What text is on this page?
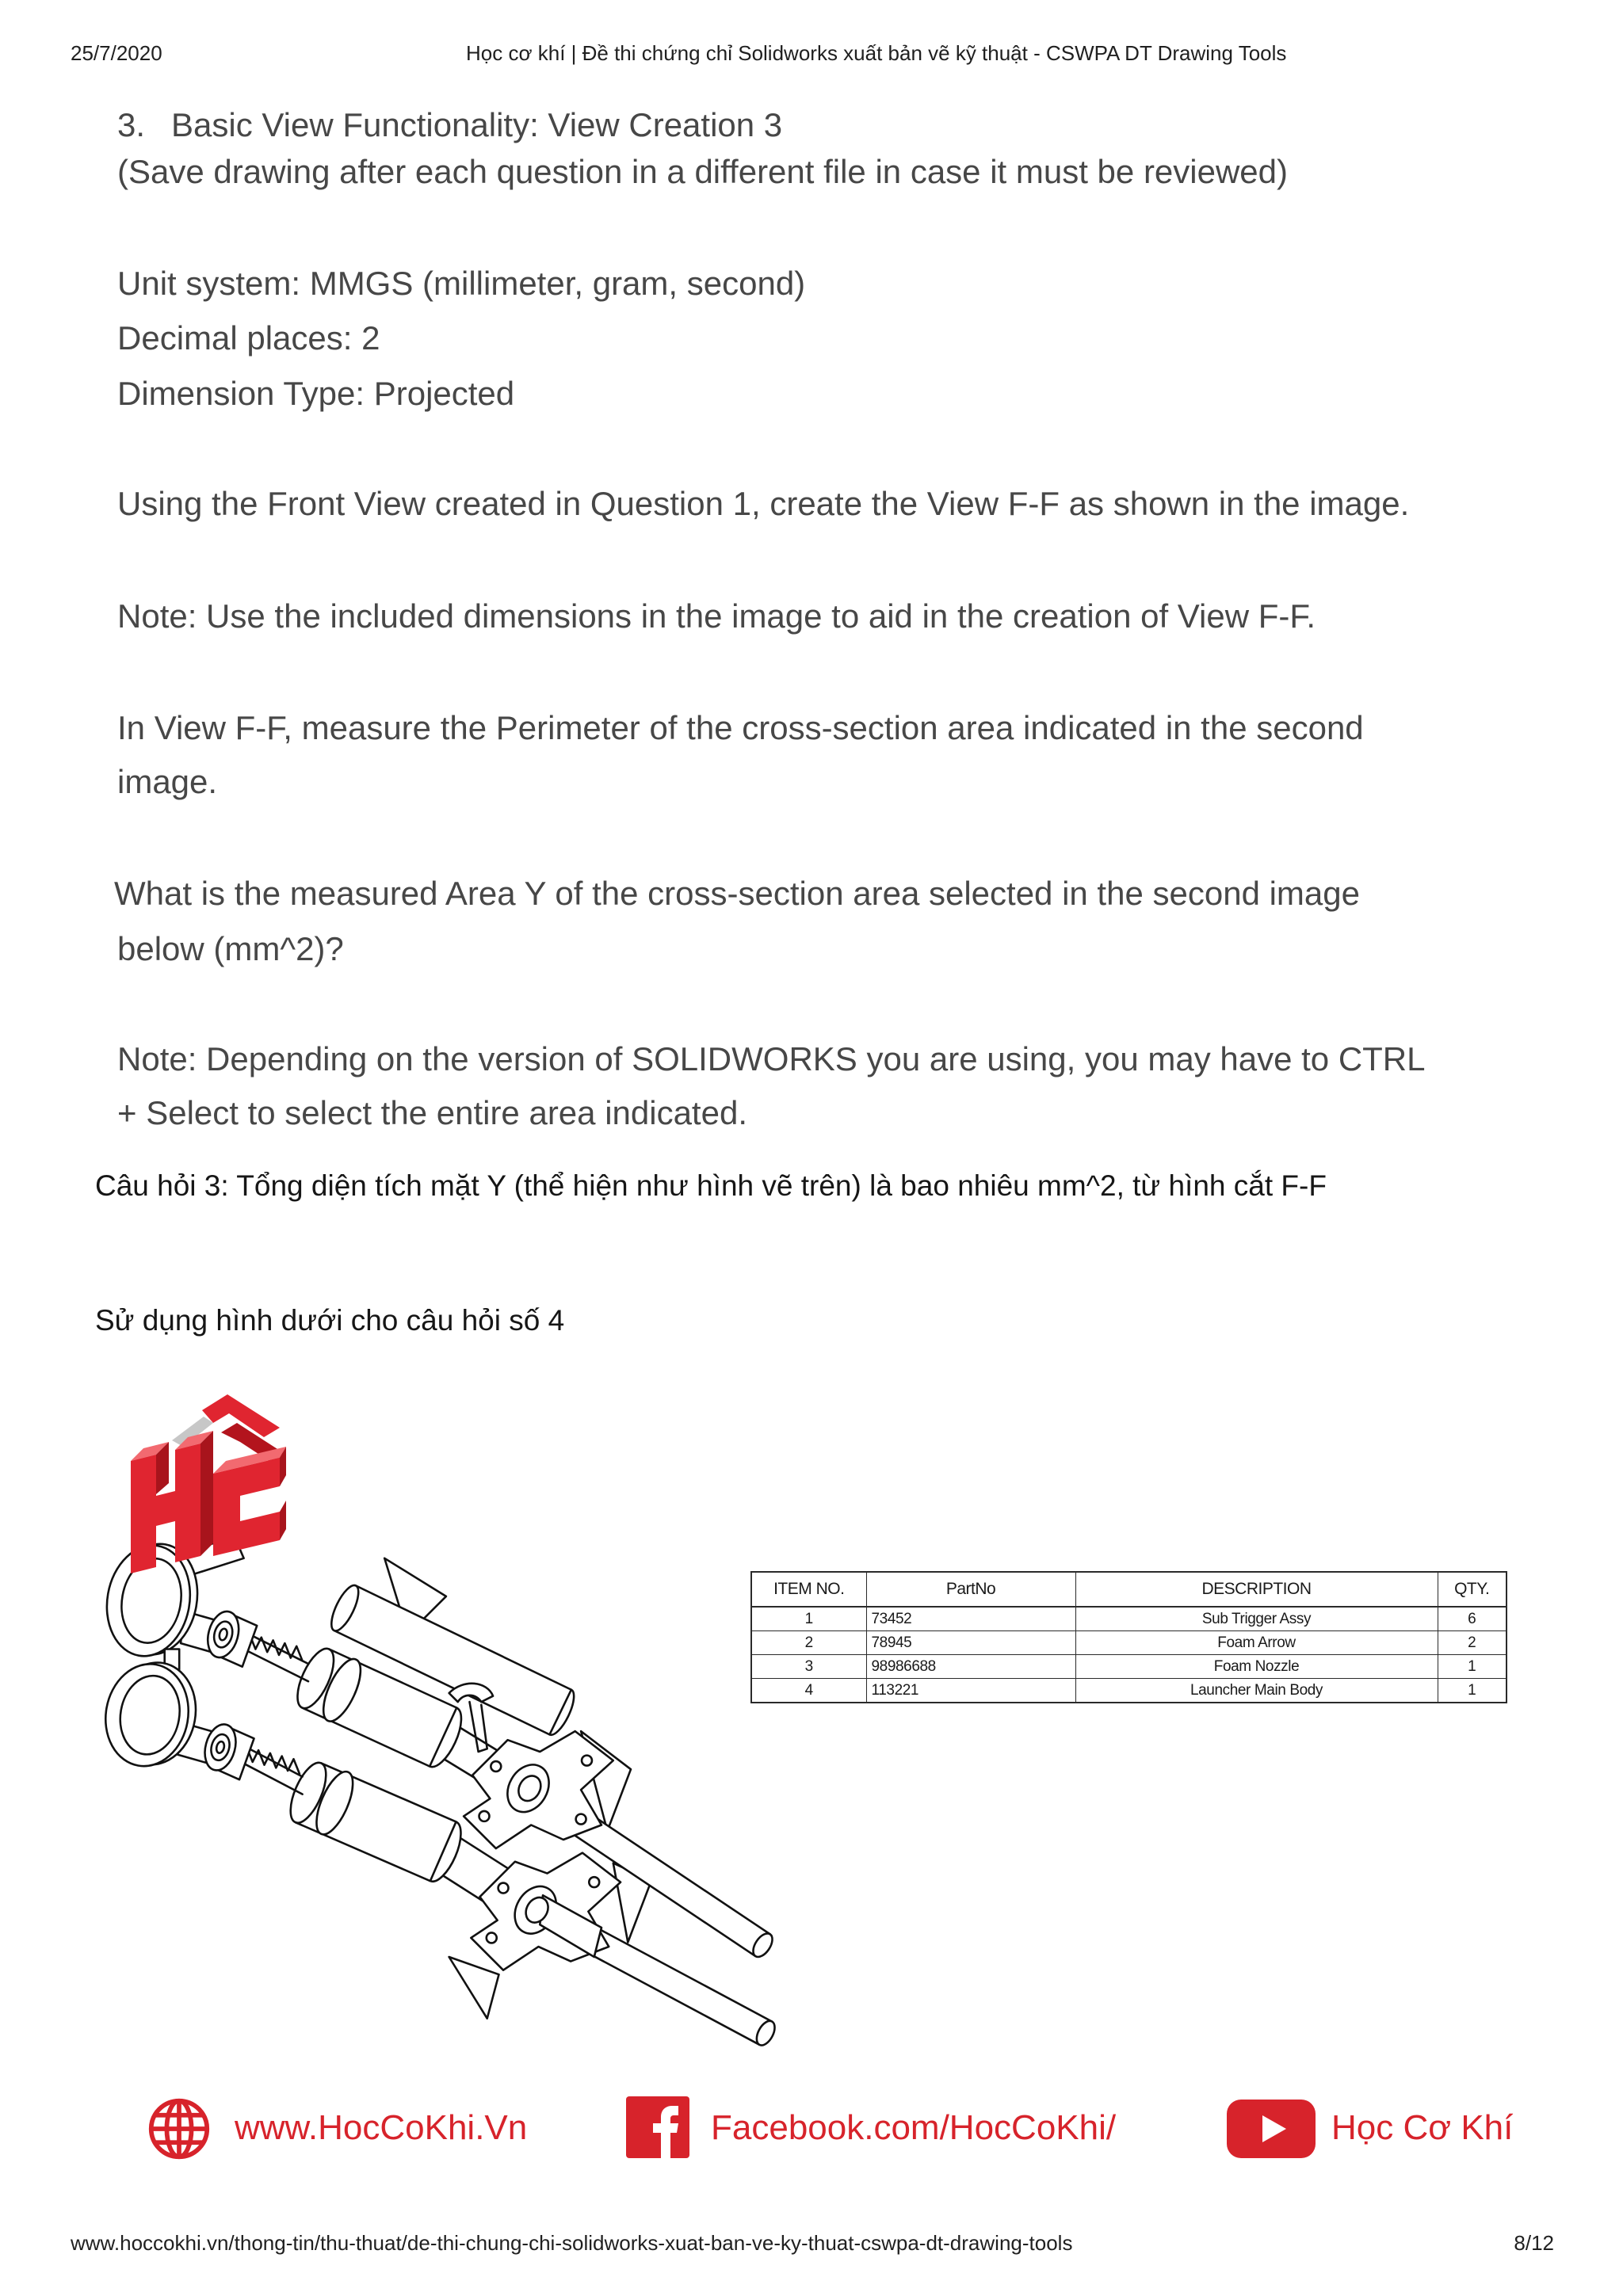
25/7/2020	Học cơ khí | Đề thi chứng chỉ Solidworks xuất bản vẽ kỹ thuật - CSWPA DT Drawing Tools
3. Basic View Functionality: View Creation 3
(Save drawing after each question in a different file in case it must be reviewed)
Unit system: MMGS (millimeter, gram, second)
Decimal places: 2
Dimension Type: Projected
Using the Front View created in Question 1, create the View F-F as shown in the image.
Note: Use the included dimensions in the image to aid in the creation of View F-F.
In View F-F, measure the Perimeter of the cross-section area indicated in the second
image.
What is the measured Area Y of the cross-section area selected in the second image
below (mm^2)?
Note: Depending on the version of SOLIDWORKS you are using, you may have to CTRL
+ Select to select the entire area indicated.
Câu hỏi 3: Tổng diện tích mặt Y (thể hiện như hình vẽ trên) là bao nhiêu mm^2, từ hình cắt F-F
Sử dụng hình dưới cho câu hỏi số 4
ITEM NO.	PartNo	DESCRIPTION	QTY.
1	73452	Sub Trigger Assy	6
2	78945	Foam Arrow	2
3	98986688	Foam Nozzle	1
4	113221	Launcher Main Body	1
www.HocCoKhi.Vn	Facebook.com/HocCoKhi/	Học Cơ Khí
www.hoccokhi.vn/thong-tin/thu-thuat/de-thi-chung-chi-solidworks-xuat-ban-ve-ky-thuat-cswpa-dt-drawing-tools	8/12
